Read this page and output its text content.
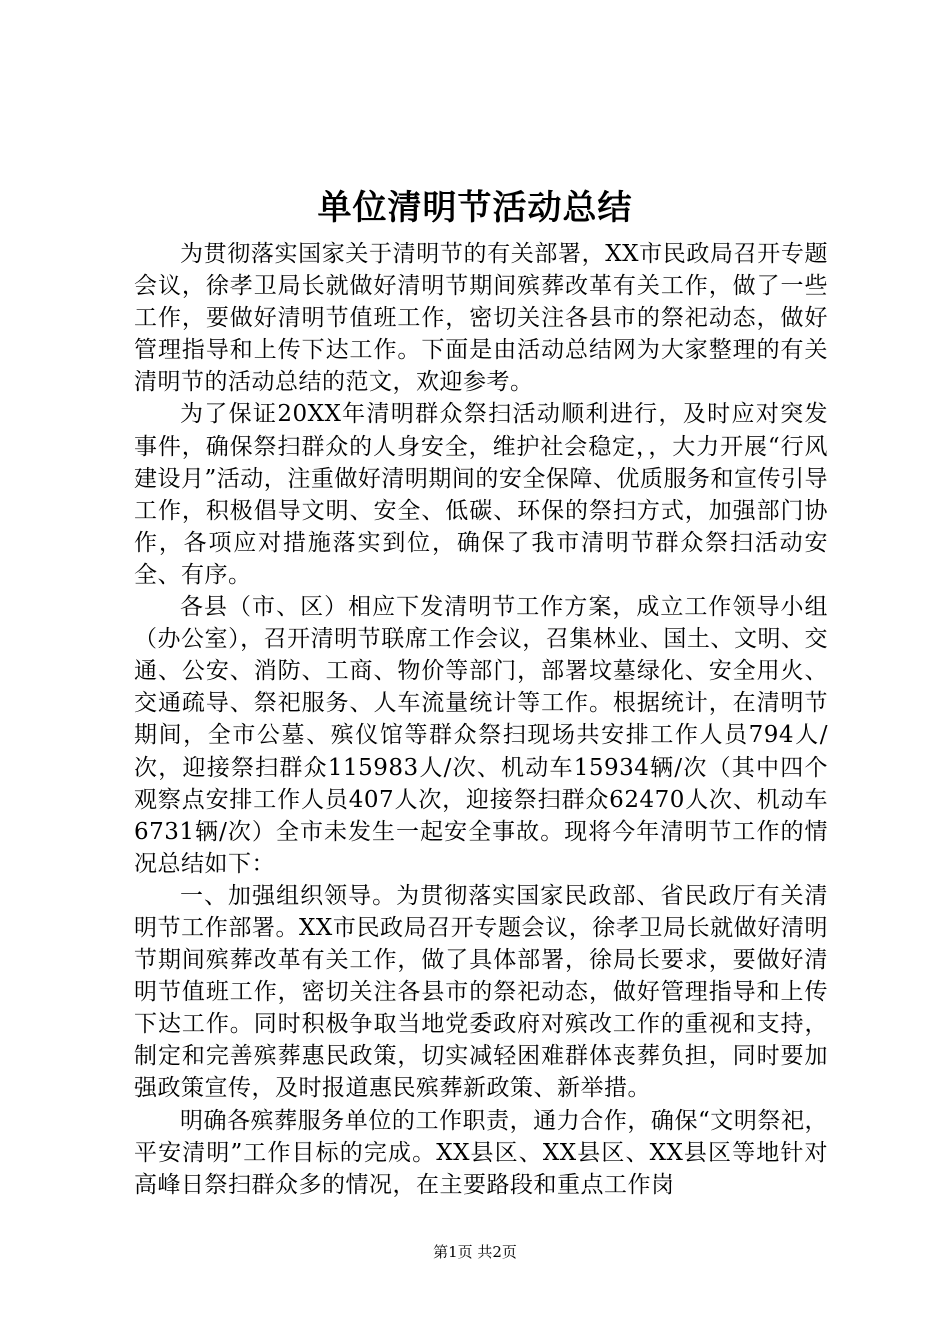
单位清明节活动总结

为贯彻落实国家关于清明节的有关部署，XX市民政局召开专题会议，徐孝卫局长就做好清明节期间殡葬改革有关工作，做了一些工作，要做好清明节值班工作，密切关注各县市的祭祀动态，做好管理指导和上传下达工作。下面是由活动总结网为大家整理的有关清明节的活动总结的范文，欢迎参考。

为了保证20XX年清明群众祭扫活动顺利进行，及时应对突发事件，确保祭扫群众的人身安全，维护社会稳定，，大力开展“行风建设月”活动，注重做好清明期间的安全保障、优质服务和宣传引导工作，积极倡导文明、安全、低碳、环保的祭扫方式，加强部门协作，各项应对措施落实到位，确保了我市清明节群众祭扫活动安全、有序。

各县（市、区）相应下发清明节工作方案，成立工作领导小组（办公室），召开清明节联席工作会议，召集林业、国土、文明、交通、公安、消防、工商、物价等部门，部署坟墓绿化、安全用火、交通疏导、祭祀服务、人车流量统计等工作。根据统计，在清明节期间，全市公墓、殡仪馆等群众祭扫现场共安排工作人员794人/次，迎接祭扫群众115983人/次、机动车15934辆/次（其中四个观察点安排工作人员407人次，迎接祭扫群众62470人次、机动车6731辆/次）全市未发生一起安全事故。现将今年清明节工作的情况总结如下：

一、加强组织领导。为贯彻落实国家民政部、省民政厅有关清明节工作部署。XX市民政局召开专题会议，徐孝卫局长就做好清明节期间殡葬改革有关工作，做了具体部署，徐局长要求，要做好清明节值班工作，密切关注各县市的祭祀动态，做好管理指导和上传下达工作。同时积极争取当地党委政府对殡改工作的重视和支持，制定和完善殡葬惠民政策，切实减轻困难群体丧葬负担，同时要加强政策宣传，及时报道惠民殡葬新政策、新举措。

明确各殡葬服务单位的工作职责，通力合作，确保“文明祭祀，平安清明”工作目标的完成。XX县区、XX县区、XX县区等地针对高峰日祭扫群众多的情况，在主要路段和重点工作岗

第1页 共2页
